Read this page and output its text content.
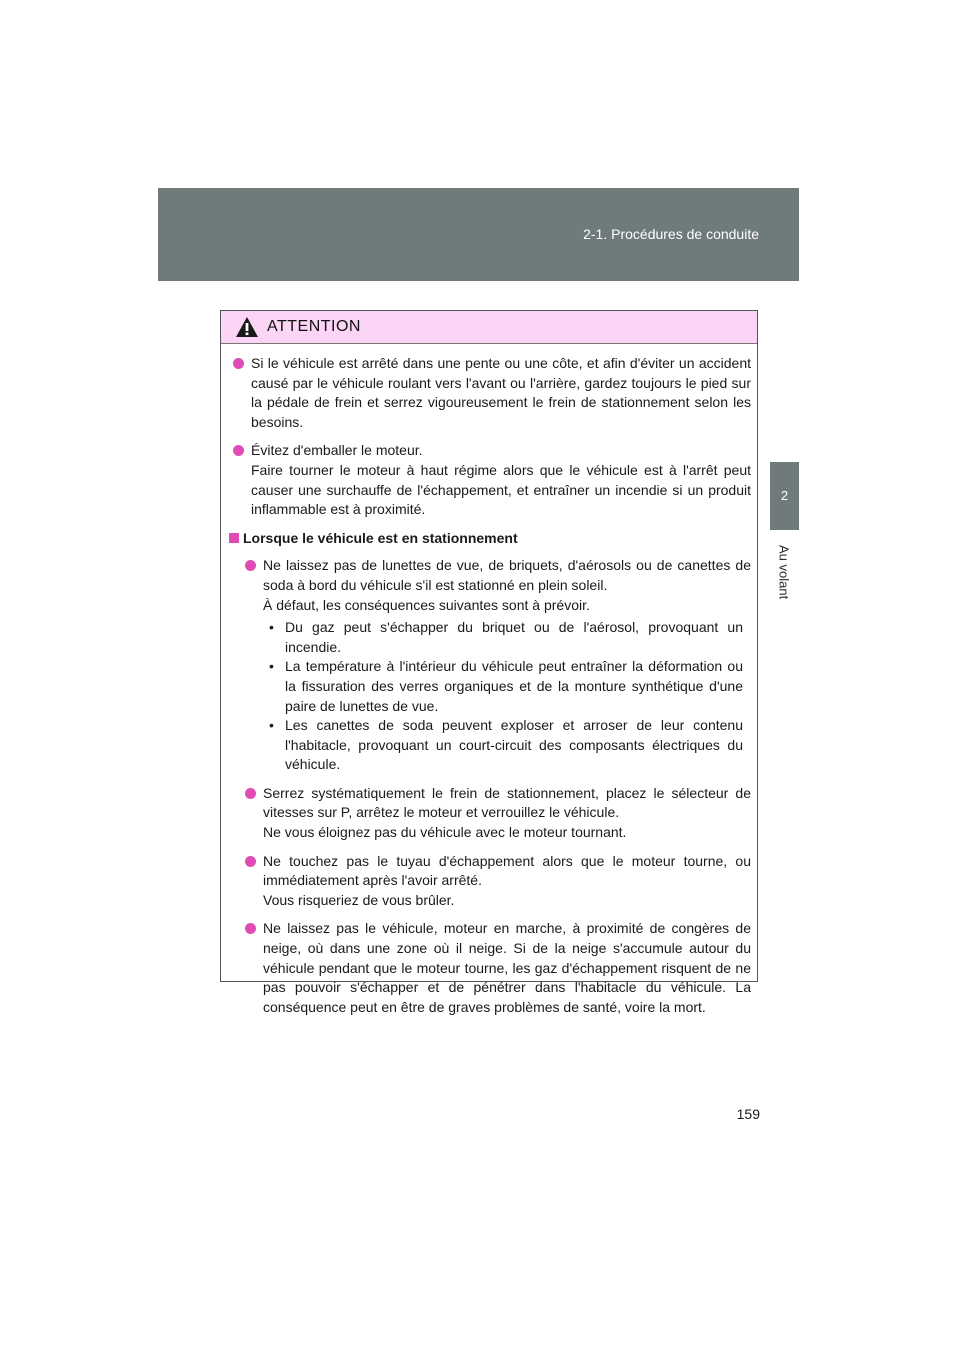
2-1. Procédures de conduite
2
Au volant
ATTENTION

Si le véhicule est arrêté dans une pente ou une côte, et afin d'éviter un accident causé par le véhicule roulant vers l'avant ou l'arrière, gardez toujours le pied sur la pédale de frein et serrez vigoureusement le frein de stationnement selon les besoins.

Évitez d'emballer le moteur.

Faire tourner le moteur à haut régime alors que le véhicule est à l'arrêt peut causer une surchauffe de l'échappement, et entraîner un incendie si un produit inflammable est à proximité.

Lorsque le véhicule est en stationnement

Ne laissez pas de lunettes de vue, de briquets, d'aérosols ou de canettes de soda à bord du véhicule s'il est stationné en plein soleil.

À défaut, les conséquences suivantes sont à prévoir.

• Du gaz peut s'échapper du briquet ou de l'aérosol, provoquant un incendie.
• La température à l'intérieur du véhicule peut entraîner la déformation ou la fissuration des verres organiques et de la monture synthétique d'une paire de lunettes de vue.
• Les canettes de soda peuvent exploser et arroser de leur contenu l'habitacle, provoquant un court-circuit des composants électriques du véhicule.

Serrez systématiquement le frein de stationnement, placez le sélecteur de vitesses sur P, arrêtez le moteur et verrouillez le véhicule.

Ne vous éloignez pas du véhicule avec le moteur tournant.

Ne touchez pas le tuyau d'échappement alors que le moteur tourne, ou immédiatement après l'avoir arrêté.

Vous risqueriez de vous brûler.

Ne laissez pas le véhicule, moteur en marche, à proximité de congères de neige, où dans une zone où il neige. Si de la neige s'accumule autour du véhicule pendant que le moteur tourne, les gaz d'échappement risquent de ne pas pouvoir s'échapper et de pénétrer dans l'habitacle du véhicule. La conséquence peut en être de graves problèmes de santé, voire la mort.

159
